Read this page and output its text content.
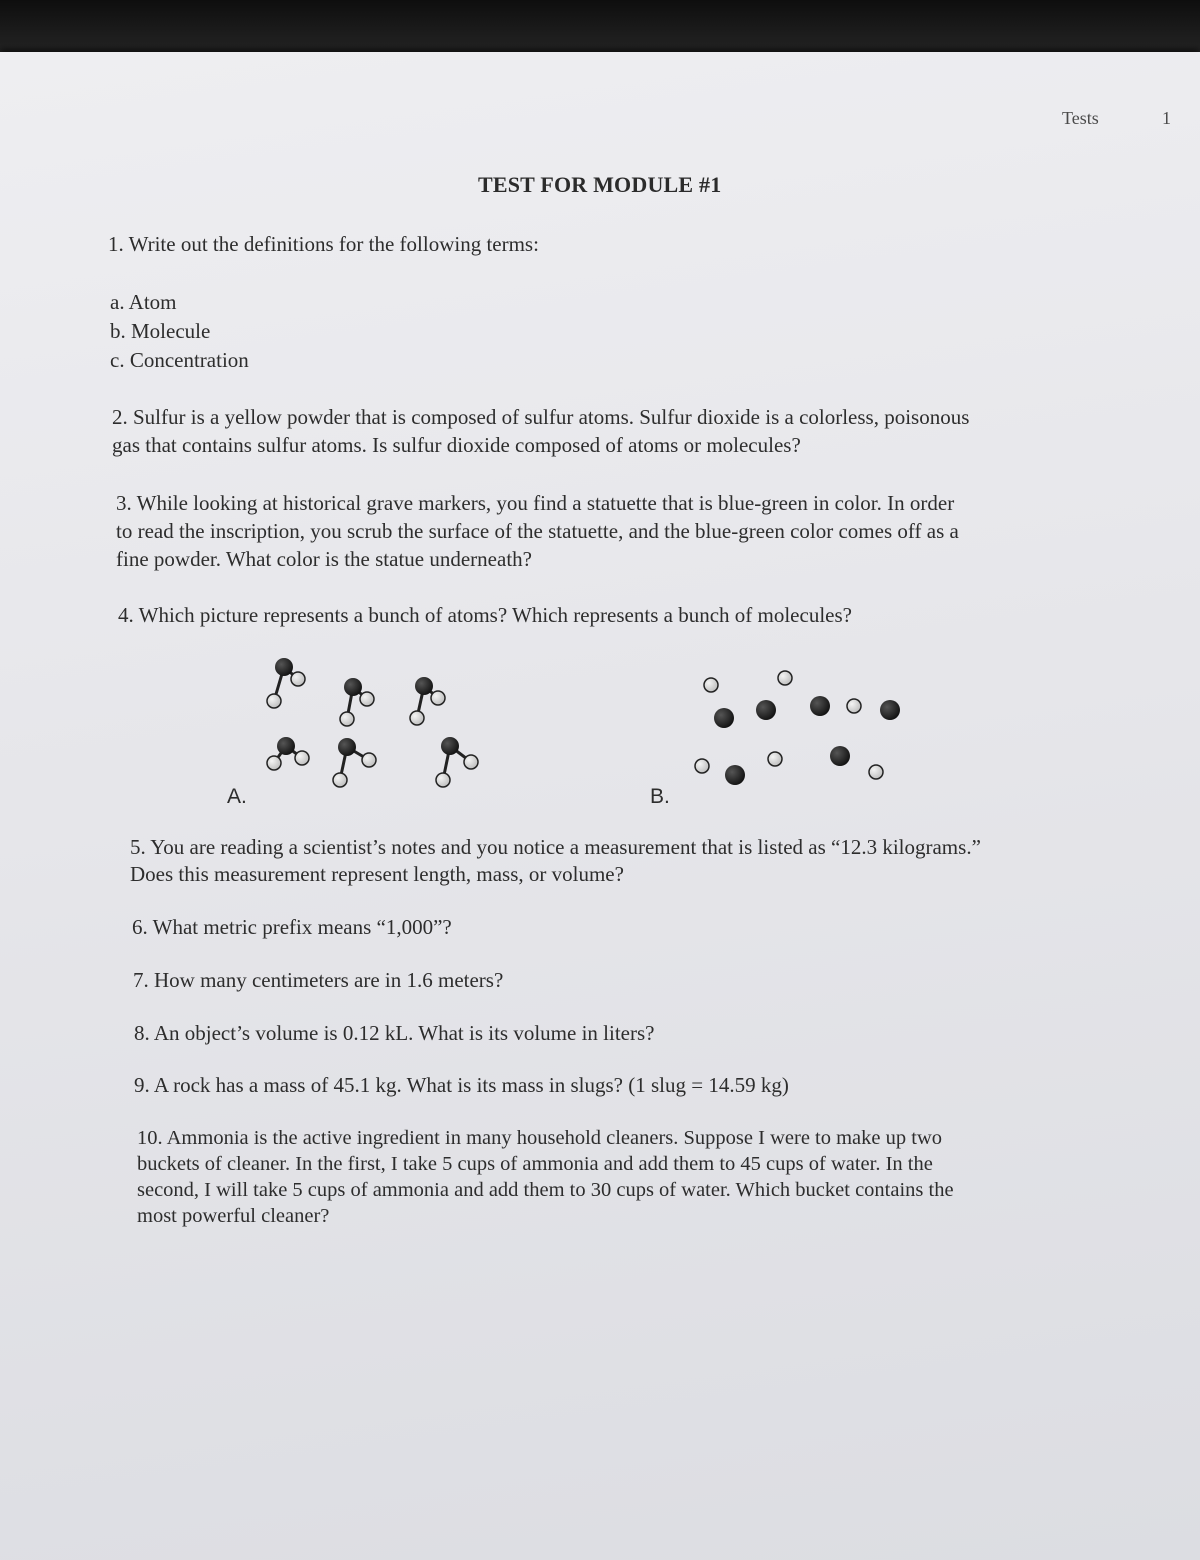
Tests	1
TEST FOR MODULE #1

1. Write out the definitions for the following terms:

a. Atom

b. Molecule

c. Concentration

2. Sulfur is a yellow powder that is composed of sulfur atoms. Sulfur dioxide is a colorless, poisonous

gas that contains sulfur atoms. Is sulfur dioxide composed of atoms or molecules?

3. While looking at historical grave markers, you find a statuette that is blue-green in color. In order

to read the inscription, you scrub the surface of the statuette, and the blue-green color comes off as a

fine powder. What color is the statue underneath?

4. Which picture represents a bunch of atoms? Which represents a bunch of molecules?

A.	B.

5. You are reading a scientist’s notes and you notice a measurement that is listed as “12.3 kilograms.”

Does this measurement represent length, mass, or volume?

6. What metric prefix means “1,000”?

7. How many centimeters are in 1.6 meters?

8. An object’s volume is 0.12 kL. What is its volume in liters?

9. A rock has a mass of 45.1 kg. What is its mass in slugs? (1 slug = 14.59 kg)

10. Ammonia is the active ingredient in many household cleaners. Suppose I were to make up two

buckets of cleaner. In the first, I take 5 cups of ammonia and add them to 45 cups of water. In the

second, I will take 5 cups of ammonia and add them to 30 cups of water. Which bucket contains the

most powerful cleaner?
